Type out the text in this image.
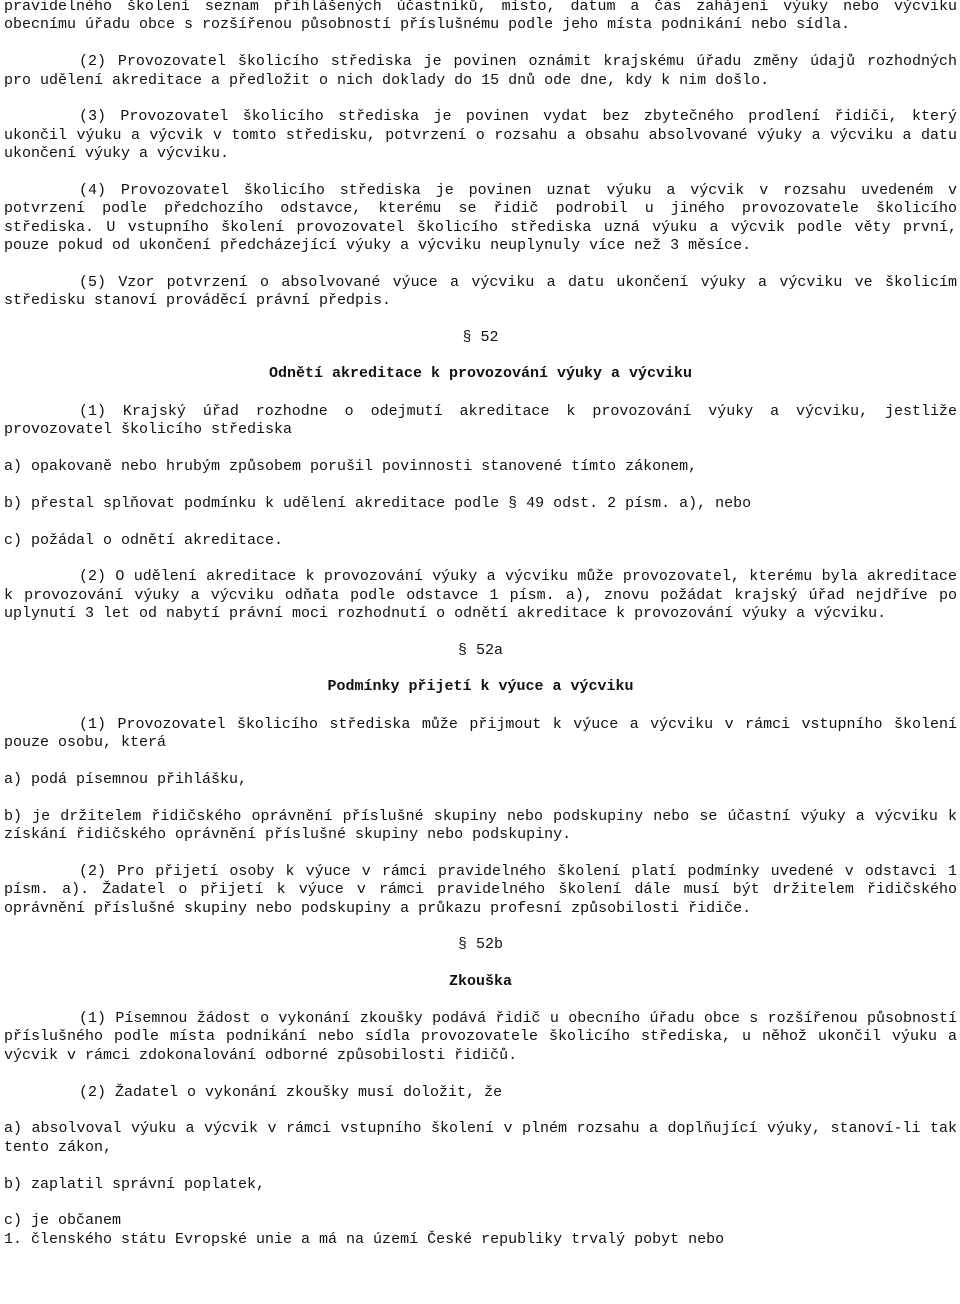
pravidelného školení seznam přihlášených účastníků, místo, datum a čas zahájení výuky nebo výcviku obecnímu úřadu obce s rozšířenou působností příslušnému podle jeho místa podnikání nebo sídla.

(2) Provozovatel školicího střediska je povinen oznámit krajskému úřadu změny údajů rozhodných pro udělení akreditace a předložit o nich doklady do 15 dnů ode dne, kdy k nim došlo.

(3) Provozovatel školicího střediska je povinen vydat bez zbytečného prodlení řidiči, který ukončil výuku a výcvik v tomto středisku, potvrzení o rozsahu a obsahu absolvované výuky a výcviku a datu ukončení výuky a výcviku.

(4) Provozovatel školicího střediska je povinen uznat výuku a výcvik v rozsahu uvedeném v potvrzení podle předchozího odstavce, kterému se řidič podrobil u jiného provozovatele školicího střediska. U vstupního školení provozovatel školicího střediska uzná výuku a výcvik podle věty první, pouze pokud od ukončení předcházející výuky a výcviku neuplynuly více než 3 měsíce.

(5) Vzor potvrzení o absolvované výuce a výcviku a datu ukončení výuky a výcviku ve školicím středisku stanoví prováděcí právní předpis.

§ 52

Odnětí akreditace k provozování výuky a výcviku

(1) Krajský úřad rozhodne o odejmutí akreditace k provozování výuky a výcviku, jestliže provozovatel školicího střediska

a) opakovaně nebo hrubým způsobem porušil povinnosti stanovené tímto zákonem,

b) přestal splňovat podmínku k udělení akreditace podle § 49 odst. 2 písm. a), nebo

c) požádal o odnětí akreditace.

(2) O udělení akreditace k provozování výuky a výcviku může provozovatel, kterému byla akreditace k provozování výuky a výcviku odňata podle odstavce 1 písm. a), znovu požádat krajský úřad nejdříve po uplynutí 3 let od nabytí právní moci rozhodnutí o odnětí akreditace k provozování výuky a výcviku.

§ 52a

Podmínky přijetí k výuce a výcviku

(1) Provozovatel školicího střediska může přijmout k výuce a výcviku v rámci vstupního školení pouze osobu, která

a) podá písemnou přihlášku,

b) je držitelem řidičského oprávnění příslušné skupiny nebo podskupiny nebo se účastní výuky a výcviku k získání řidičského oprávnění příslušné skupiny nebo podskupiny.

(2) Pro přijetí osoby k výuce v rámci pravidelného školení platí podmínky uvedené v odstavci 1 písm. a). Žadatel o přijetí k výuce v rámci pravidelného školení dále musí být držitelem řidičského oprávnění příslušné skupiny nebo podskupiny a průkazu profesní způsobilosti řidiče.

§ 52b

Zkouška

(1) Písemnou žádost o vykonání zkoušky podává řidič u obecního úřadu obce s rozšířenou působností příslušného podle místa podnikání nebo sídla provozovatele školicího střediska, u něhož ukončil výuku a výcvik v rámci zdokonalování odborné způsobilosti řidičů.

(2) Žadatel o vykonání zkoušky musí doložit, že

a) absolvoval výuku a výcvik v rámci vstupního školení v plném rozsahu a doplňující výuky, stanoví-li tak tento zákon,

b) zaplatil správní poplatek,

c) je občanem

1. členského státu Evropské unie a má na území České republiky trvalý pobyt nebo
